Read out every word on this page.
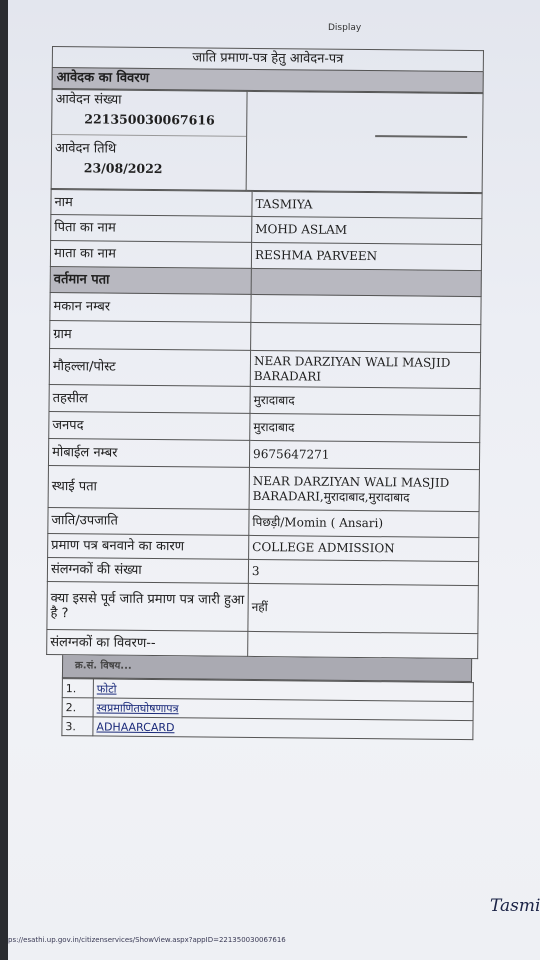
Display
जाति प्रमाण-पत्र हेतु आवेदन-पत्र
आवेदक का विवरण
आवेदन संख्या
221350030067616
आवेदन तिथि
23/08/2022

नाम	TASMIYA
पिता का नाम	MOHD ASLAM
माता का नाम	RESHMA PARVEEN
वर्तमान पता	
मकान नम्बर	
ग्राम	
मौहल्ला/पोस्ट	NEAR DARZIYAN WALI MASJID BARADARI
तहसील	मुरादाबाद
जनपद	मुरादाबाद
मोबाईल नम्बर	9675647271
स्थाई पता	NEAR DARZIYAN WALI MASJID BARADARI,मुरादाबाद,मुरादाबाद
जाति/उपजाति	पिछड़ी/Momin ( Ansari)
प्रमाण पत्र बनवाने का कारण	COLLEGE ADMISSION
संलग्नकों की संख्या	3
क्या इससे पूर्व जाति प्रमाण पत्र जारी हुआ है ?	नहीं
संलग्नकों का विवरण--	
क्र.सं. विषय...
1.	फोटो
2.	स्वप्रमाणितघोषणापत्र
3.	ADHAARCARD
Tasmi
ps://esathi.up.gov.in/citizenservices/ShowView.aspx?appID=221350030067616
